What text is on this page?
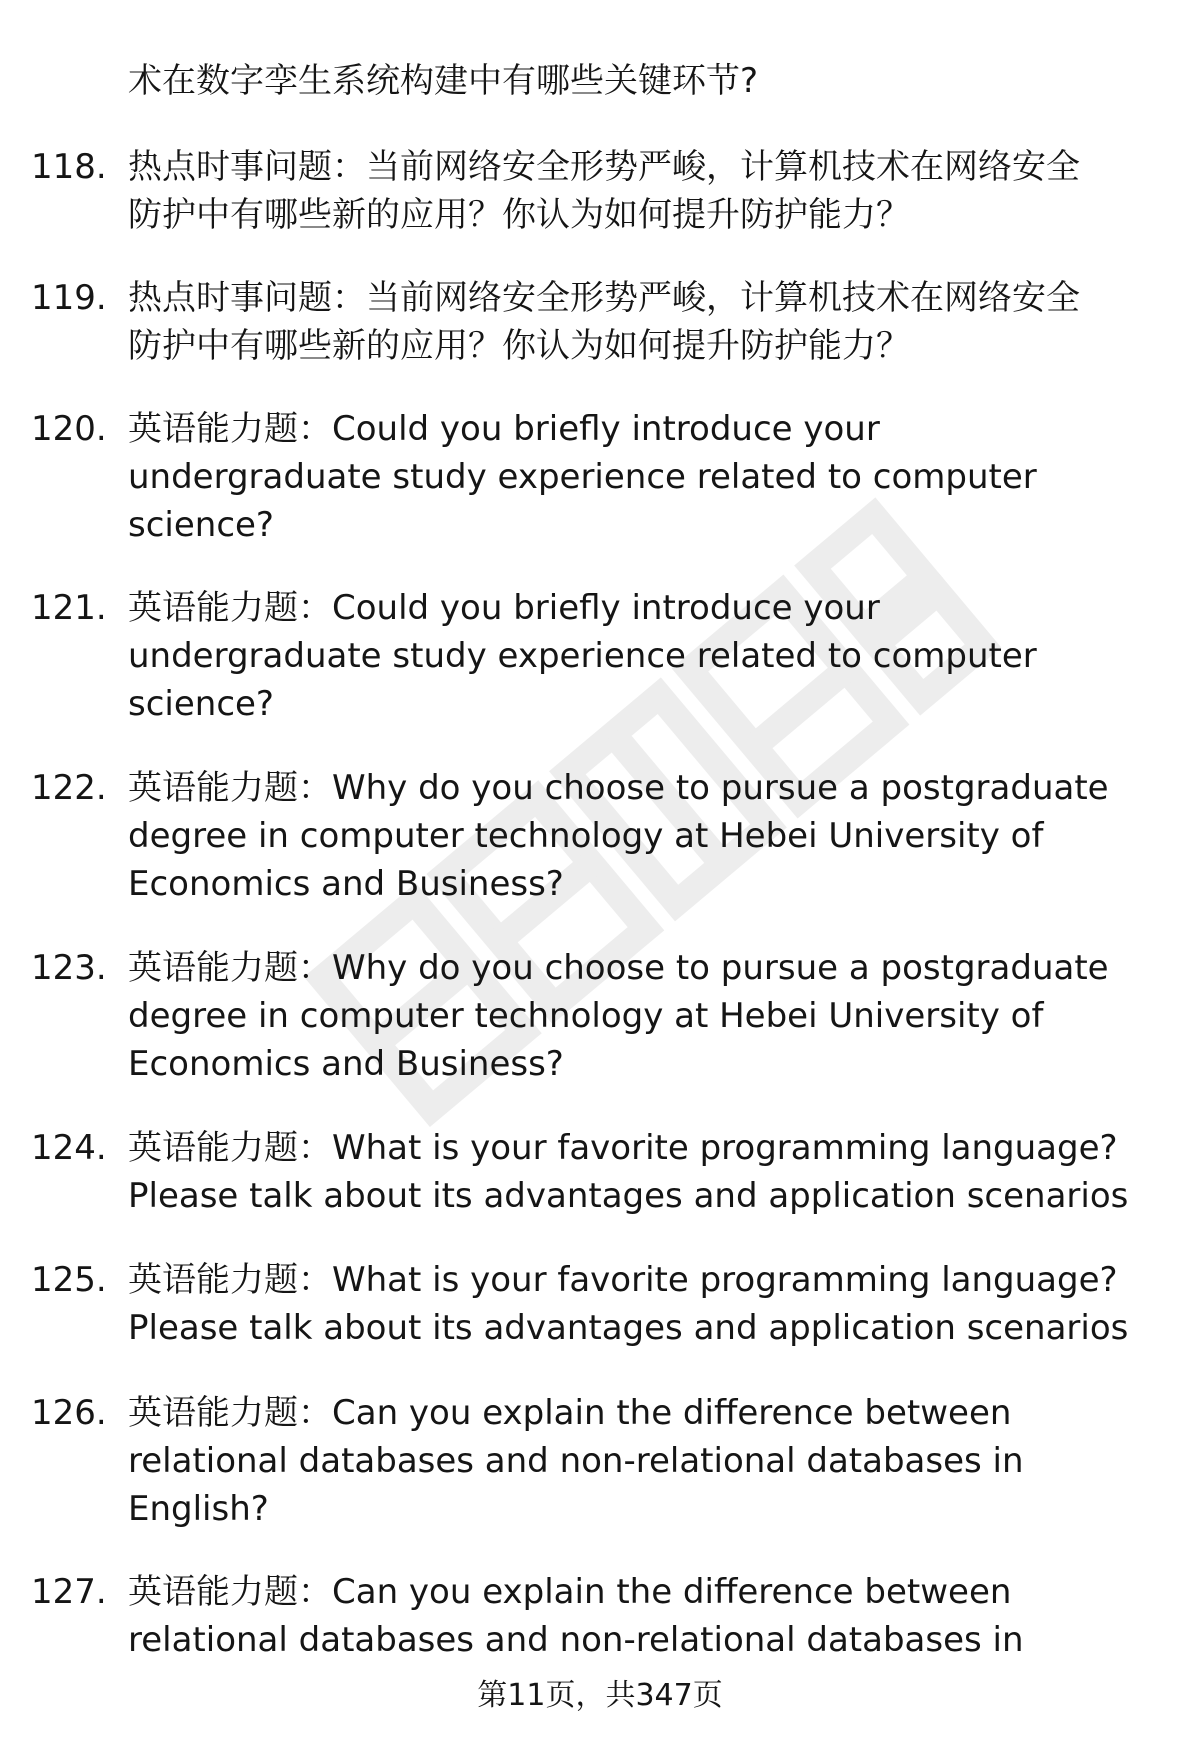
术在数字孪生系统构建中有哪些关键环节?
118. 热点时事问题：当前网络安全形势严峻，计算机技术在网络安全
防护中有哪些新的应用？你认为如何提升防护能力？
119. 热点时事问题：当前网络安全形势严峻，计算机技术在网络安全
防护中有哪些新的应用？你认为如何提升防护能力？
120. 英语能力题：Could you briefly introduce your
undergraduate study experience related to computer
science?
121. 英语能力题：Could you briefly introduce your
undergraduate study experience related to computer
science?
122. 英语能力题：Why do you choose to pursue a postgraduate
degree in computer technology at Hebei University of
Economics and Business?
123. 英语能力题：Why do you choose to pursue a postgraduate
degree in computer technology at Hebei University of
Economics and Business?
124. 英语能力题：What is your favorite programming language?
Please talk about its advantages and application scenarios
125. 英语能力题：What is your favorite programming language?
Please talk about its advantages and application scenarios
126. 英语能力题：Can you explain the difference between
relational databases and non-relational databases in
English?
127. 英语能力题：Can you explain the difference between
relational databases and non-relational databases in
第11页，共347页
